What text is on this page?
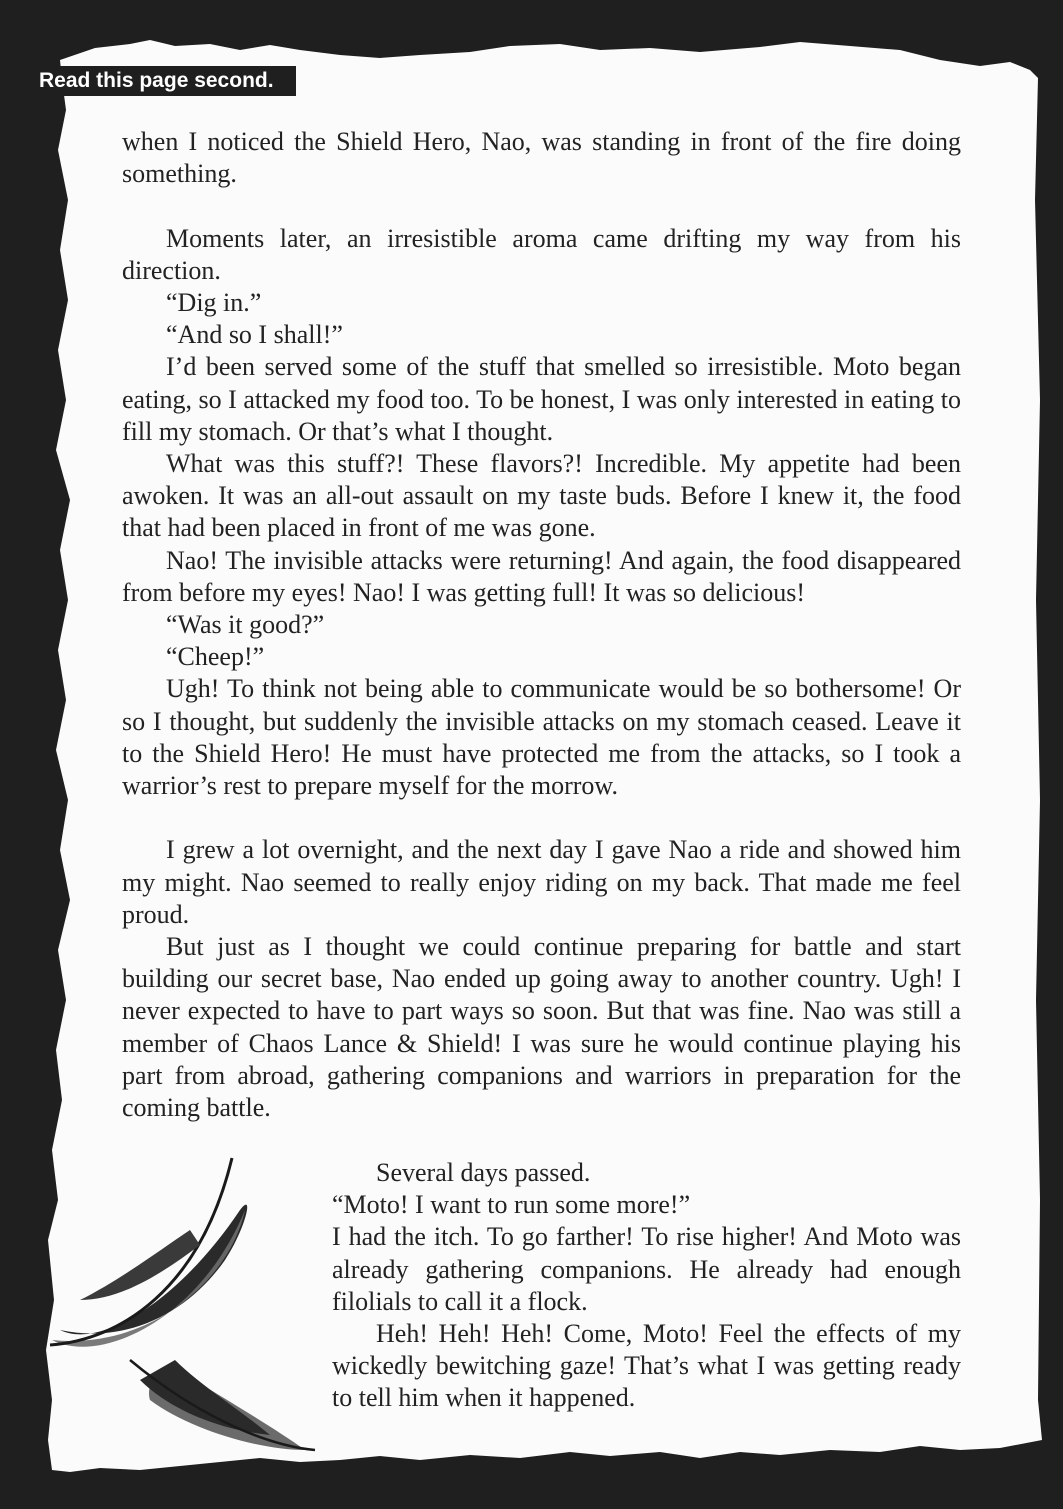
Read this page second.

when I noticed the Shield Hero, Nao, was standing in front of the fire doing something.

Moments later, an irresistible aroma came drifting my way from his direction.

“Dig in.”

“And so I shall!”

I’d been served some of the stuff that smelled so irresistible. Moto began eating, so I attacked my food too. To be honest, I was only interested in eating to fill my stomach. Or that’s what I thought.

What was this stuff?! These flavors?! Incredible. My appetite had been awoken. It was an all-out assault on my taste buds. Before I knew it, the food that had been placed in front of me was gone.

Nao! The invisible attacks were returning! And again, the food disappeared from before my eyes! Nao! I was getting full! It was so delicious!

“Was it good?”

“Cheep!”

Ugh! To think not being able to communicate would be so bothersome! Or so I thought, but suddenly the invisible attacks on my stomach ceased. Leave it to the Shield Hero! He must have protected me from the attacks, so I took a warrior’s rest to prepare myself for the morrow.

I grew a lot overnight, and the next day I gave Nao a ride and showed him my might. Nao seemed to really enjoy riding on my back. That made me feel proud.

But just as I thought we could continue preparing for battle and start building our secret base, Nao ended up going away to another country. Ugh! I never expected to have to part ways so soon. But that was fine. Nao was still a member of Chaos Lance & Shield! I was sure he would continue playing his part from abroad, gathering companions and warriors in preparation for the coming battle.

Several days passed.

“Moto! I want to run some more!”

I had the itch. To go farther! To rise higher! And Moto was already gathering companions. He already had enough filolials to call it a flock.

Heh! Heh! Heh! Come, Moto! Feel the effects of my wickedly bewitching gaze! That’s what I was getting ready to tell him when it happened.
